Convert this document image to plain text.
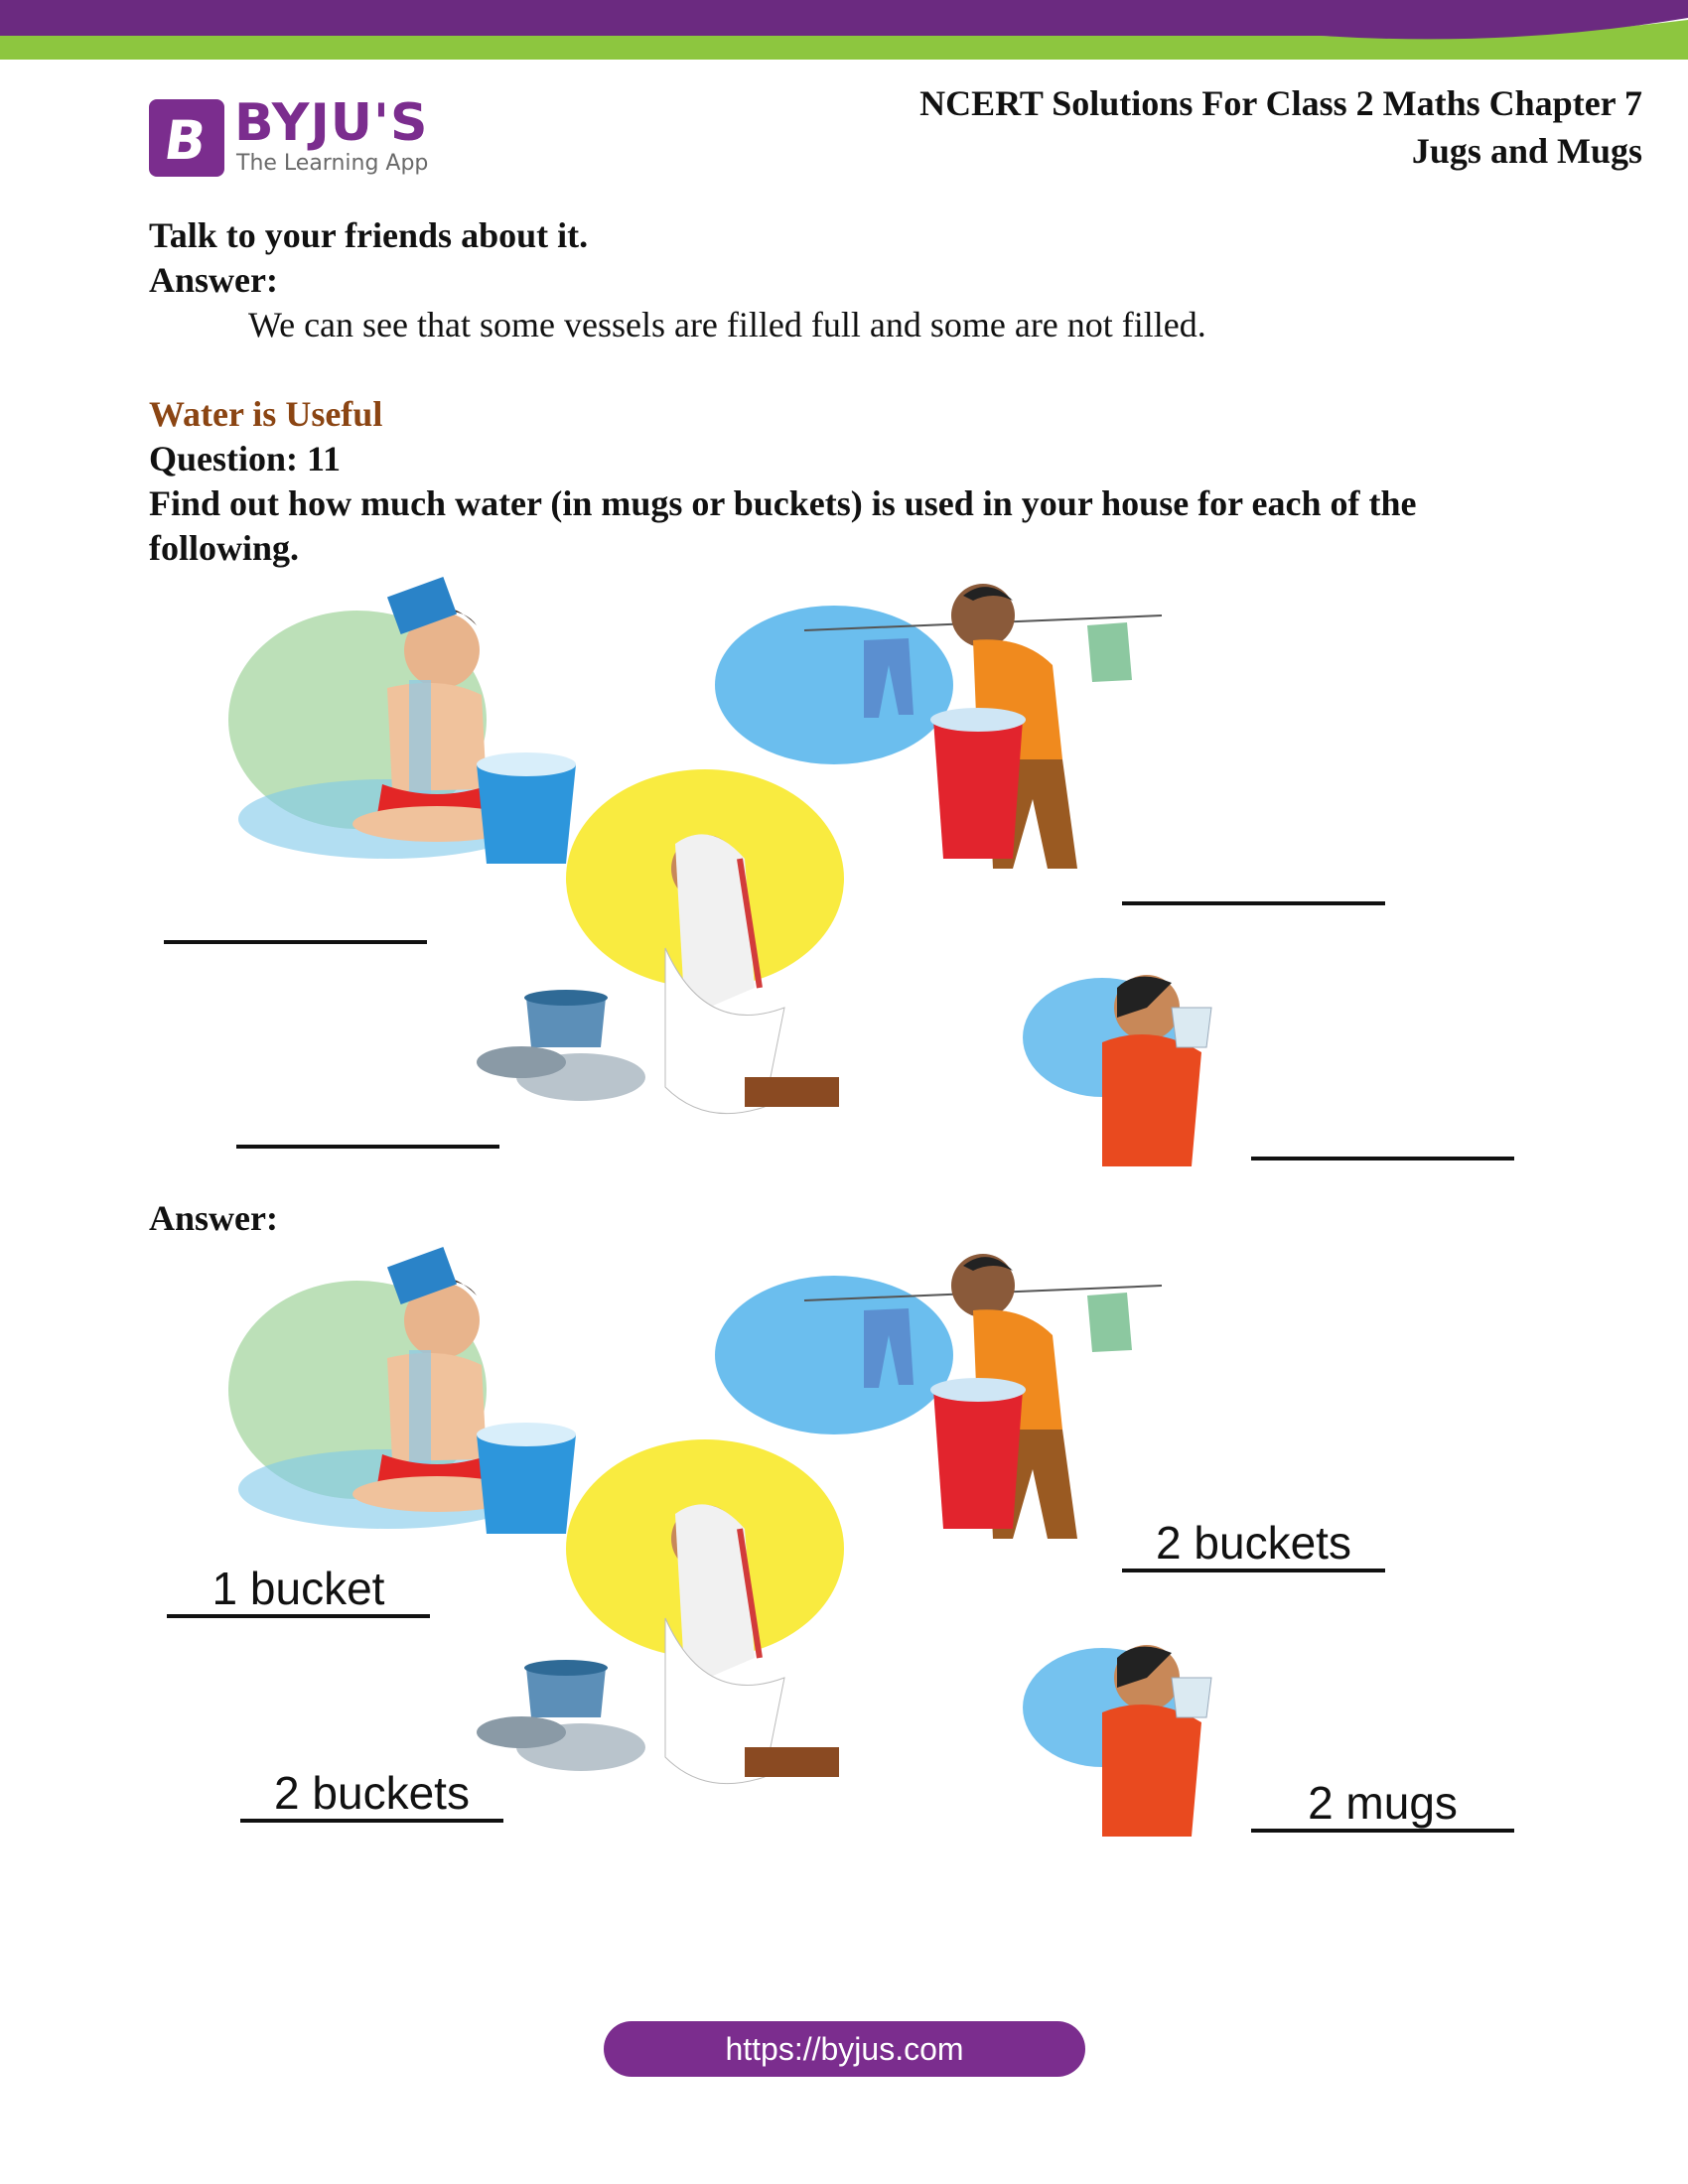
B BYJU'S
The Learning App
NCERT Solutions For Class 2 Maths Chapter 7
Jugs and Mugs
Talk to your friends about it.
Answer:
We can see that some vessels are filled full and some are not filled.
Water is Useful
Question: 11
Find out how much water (in mugs or buckets) is used in your house for each of the
following.
Answer:
1 bucket
2 buckets
2 buckets	2 mugs
https://byjus.com
